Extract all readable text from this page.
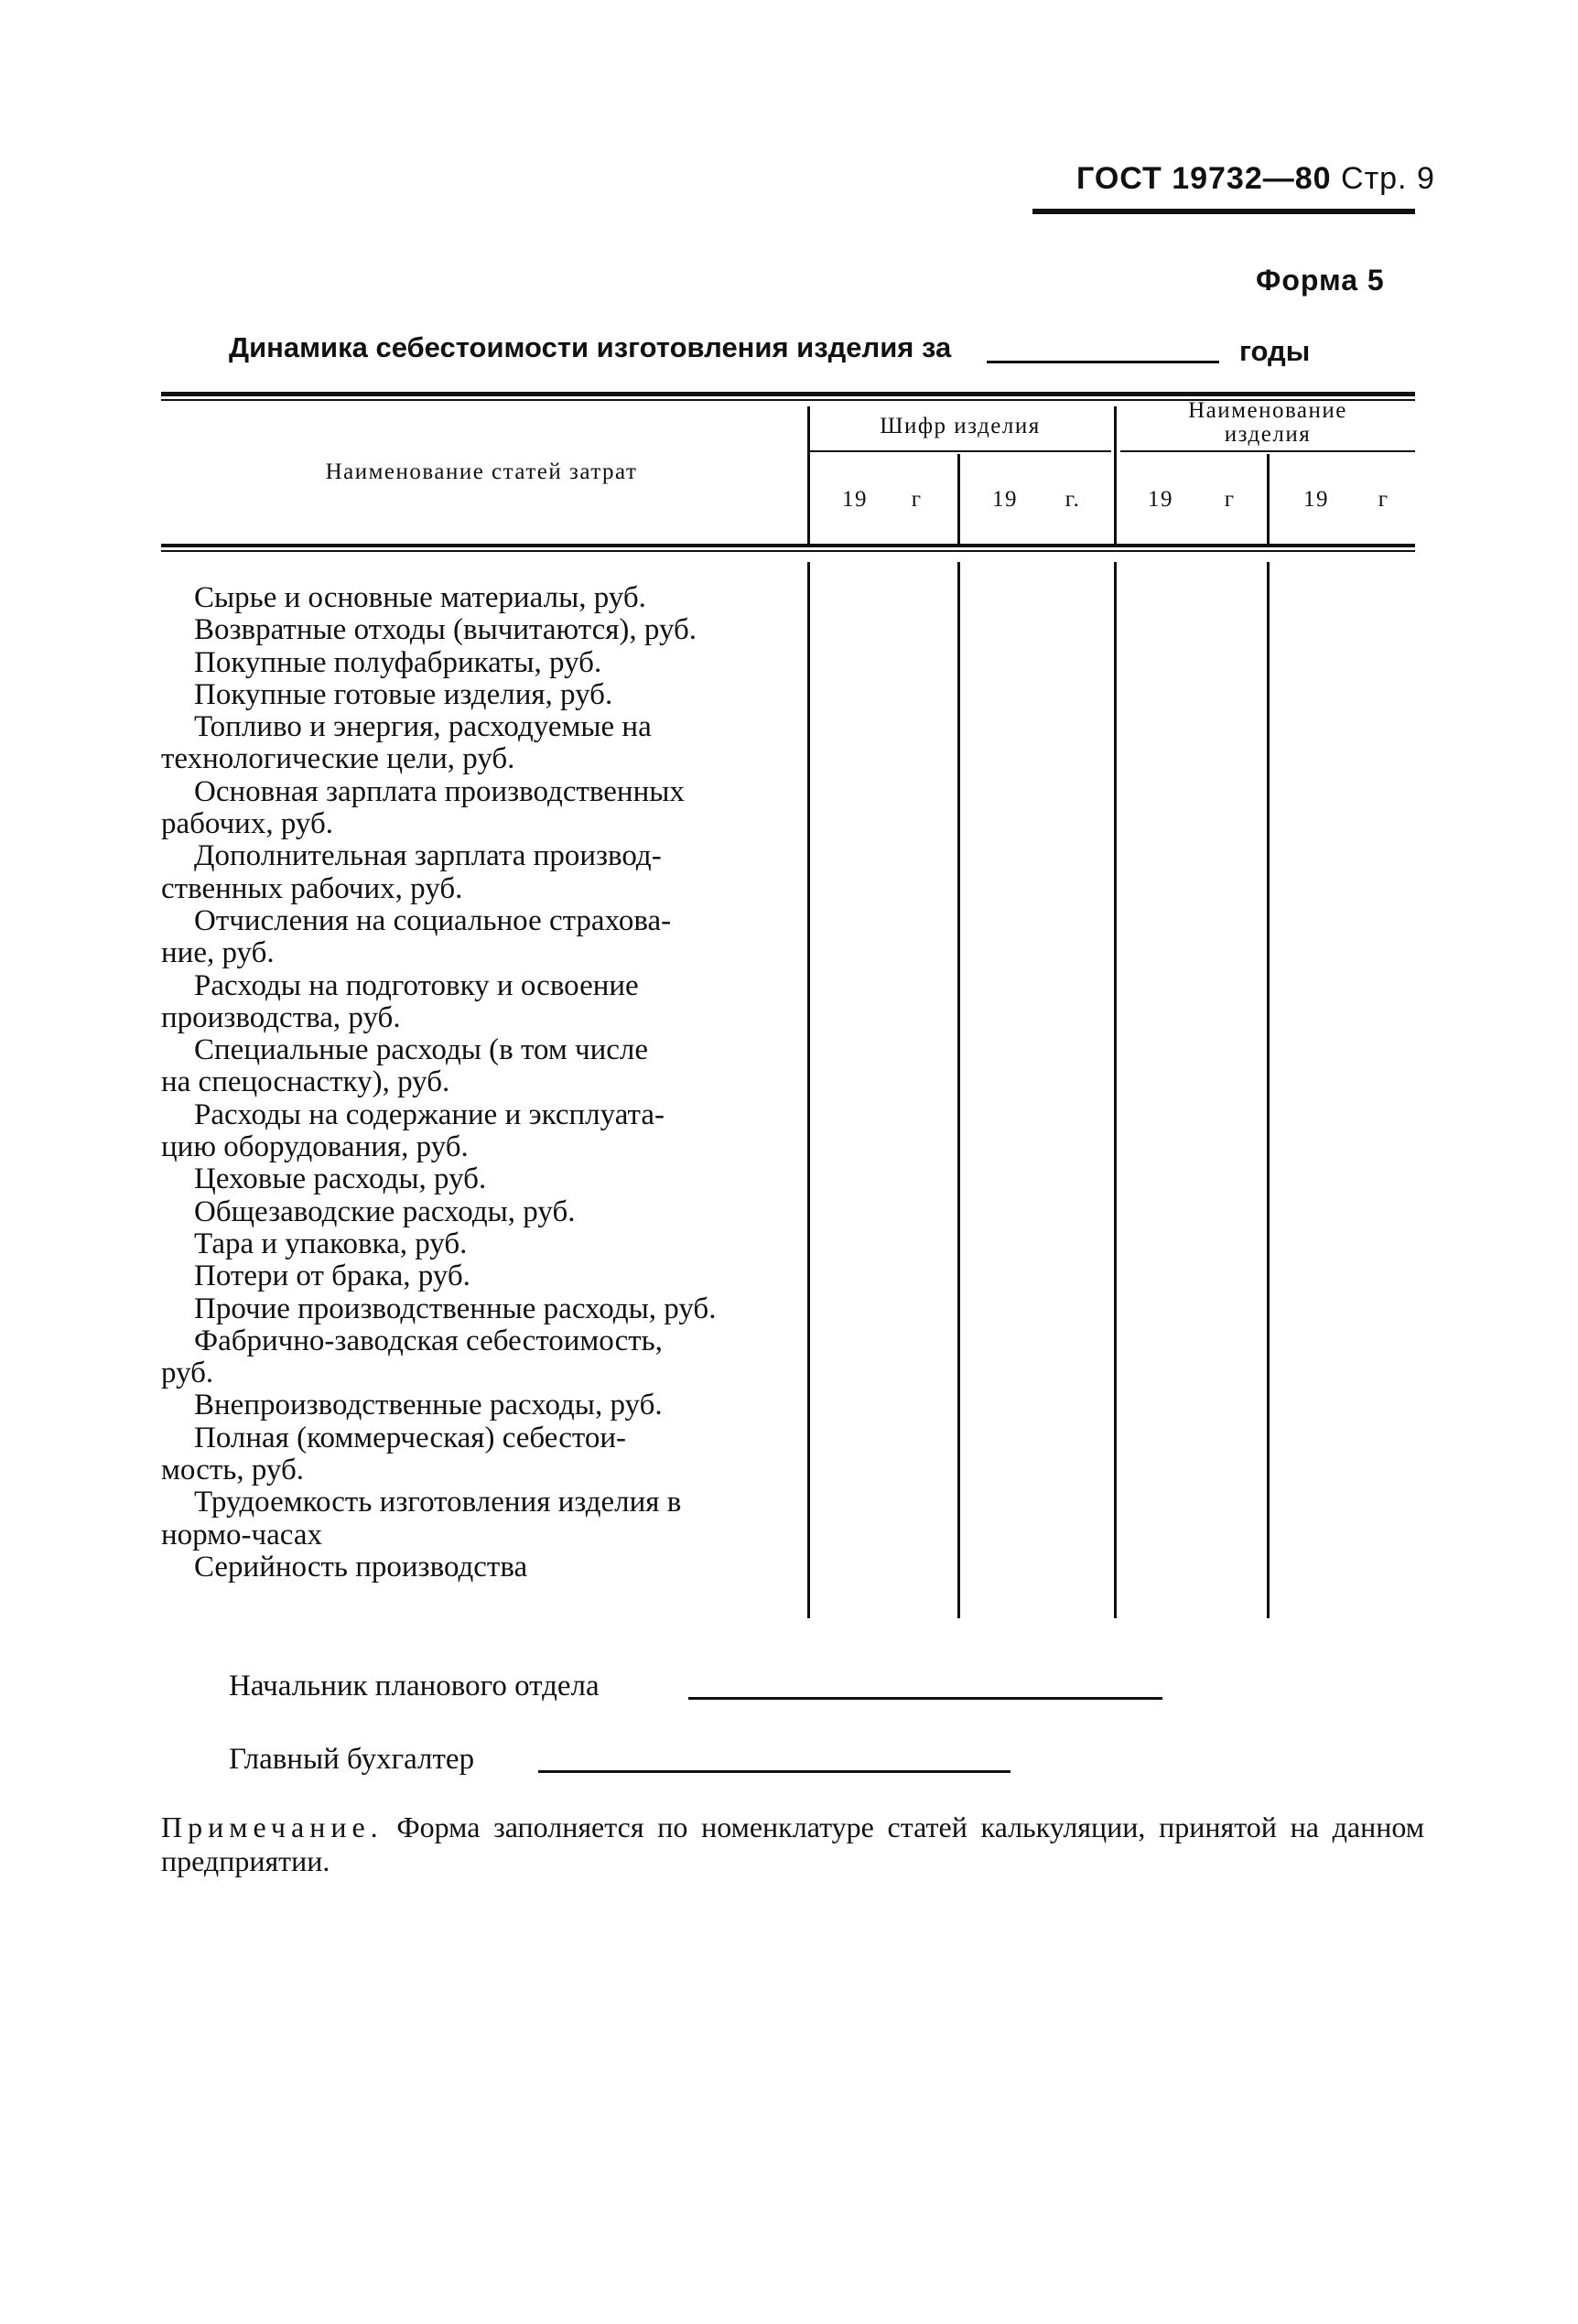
ГОСТ 19732—80 Стр. 9
Форма 5
Динамика себестоимости изготовления изделия за	годы
Наименование статей затрат
Шифр изделия
Наименование изделия
19 г	19 г.	19 г	19 г
Сырье и основные материалы, руб.
Возвратные отходы (вычитаются), руб.
Покупные полуфабрикаты, руб.
Покупные готовые изделия, руб.
Топливо и энергия, расходуемые на
технологические цели, руб.
Основная зарплата производственных
рабочих, руб.
Дополнительная зарплата производ-
ственных рабочих, руб.
Отчисления на социальное страхова-
ние, руб.
Расходы на подготовку и освоение
производства, руб.
Специальные расходы (в том числе
на спецоснастку), руб.
Расходы на содержание и эксплуата-
цию оборудования, руб.
Цеховые расходы, руб.
Общезаводские расходы, руб.
Тара и упаковка, руб.
Потери от брака, руб.
Прочие производственные расходы, руб.
Фабрично-заводская себестоимость,
руб.
Внепроизводственные расходы, руб.
Полная (коммерческая) себестои-
мость, руб.
Трудоемкость изготовления изделия в
нормо-часах
Серийность производства
Начальник планового отдела
Главный бухгалтер
Примечание. Форма заполняется по номенклатуре статей калькуляции, принятой на данном предприятии.
